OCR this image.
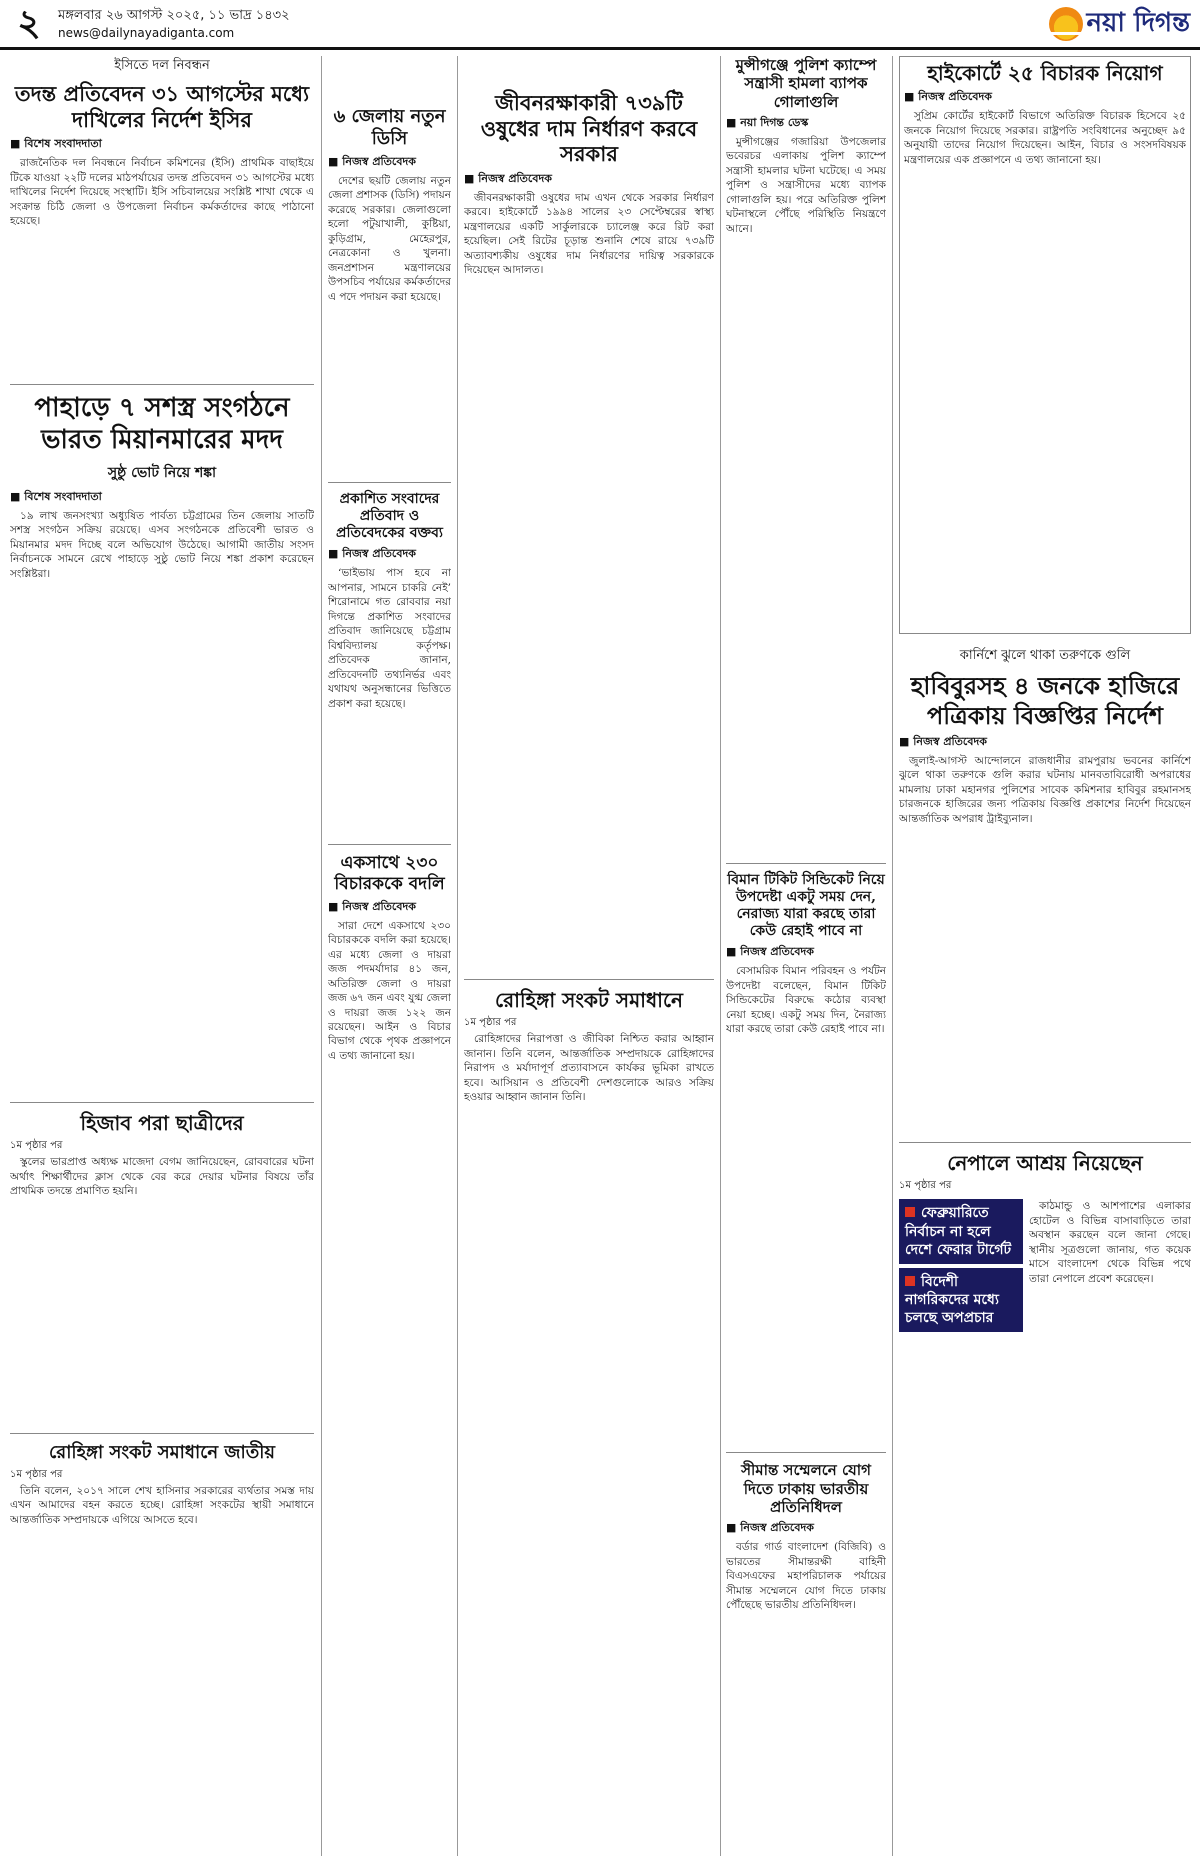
২	মঙ্গলবার ২৬ আগস্ট ২০২৫, ১১ ভাদ্র ১৪৩২
news@dailynayadiganta.com	নয়া দিগন্ত
ইসিতে দল নিবন্ধন
তদন্ত প্রতিবেদন ৩১ আগস্টের মধ্যে দাখিলের নির্দেশ ইসির
■ বিশেষ সংবাদদাতা

রাজনৈতিক দল নিবন্ধনে নির্বাচন কমিশনের (ইসি) প্রাথমিক বাছাইয়ে টিকে যাওয়া ২২টি দলের মাঠপর্যায়ের তদন্ত প্রতিবেদন ৩১ আগস্টের মধ্যে দাখিলের নির্দেশ দিয়েছে সংস্থাটি। ইসি সচিবালয়ের সংশ্লিষ্ট শাখা থেকে এ সংক্রান্ত চিঠি জেলা ও উপজেলা নির্বাচন কর্মকর্তাদের কাছে পাঠানো হয়েছে।

পাহাড়ে ৭ সশস্ত্র সংগঠনে ভারত মিয়ানমারের মদদ
সুষ্ঠু ভোট নিয়ে শঙ্কা
■ বিশেষ সংবাদদাতা

১৯ লাখ জনসংখ্যা অধ্যুষিত পার্বত্য চট্টগ্রামের তিন জেলায় সাতটি সশস্ত্র সংগঠন সক্রিয় রয়েছে। এসব সংগঠনকে প্রতিবেশী ভারত ও মিয়ানমার মদদ দিচ্ছে বলে অভিযোগ উঠেছে। আগামী জাতীয় সংসদ নির্বাচনকে সামনে রেখে পাহাড়ে সুষ্ঠু ভোট নিয়ে শঙ্কা প্রকাশ করেছেন সংশ্লিষ্টরা।

হিজাব পরা ছাত্রীদের
১ম পৃষ্ঠার পর

স্কুলের ভারপ্রাপ্ত অধ্যক্ষ মাজেদা বেগম জানিয়েছেন, রোববারের ঘটনা অর্থাৎ শিক্ষার্থীদের ক্লাস থেকে বের করে দেয়ার ঘটনার বিষয়ে তাঁর প্রাথমিক তদন্তে প্রমাণিত হয়নি।

রোহিঙ্গা সংকট সমাধানে জাতীয়
১ম পৃষ্ঠার পর

তিনি বলেন, ২০১৭ সালে শেখ হাসিনার সরকারের ব্যর্থতার সমস্ত দায় এখন আমাদের বহন করতে হচ্ছে। রোহিঙ্গা সংকটের স্থায়ী সমাধানে আন্তর্জাতিক সম্প্রদায়কে এগিয়ে আসতে হবে।

৬ জেলায় নতুন ডিসি
■ নিজস্ব প্রতিবেদক

দেশের ছয়টি জেলায় নতুন জেলা প্রশাসক (ডিসি) পদায়ন করেছে সরকার। জেলাগুলো হলো পটুয়াখালী, কুষ্টিয়া, কুড়িগ্রাম, মেহেরপুর, নেত্রকোনা ও খুলনা। জনপ্রশাসন মন্ত্রণালয়ের উপসচিব পর্যায়ের কর্মকর্তাদের এ পদে পদায়ন করা হয়েছে।

প্রকাশিত সংবাদের প্রতিবাদ ও প্রতিবেদকের বক্তব্য
■ নিজস্ব প্রতিবেদক

‘ভাইভায় পাস হবে না আপনার, সামনে চাকরি নেই’ শিরোনামে গত রোববার নয়া দিগন্তে প্রকাশিত সংবাদের প্রতিবাদ জানিয়েছে চট্টগ্রাম বিশ্ববিদ্যালয় কর্তৃপক্ষ। প্রতিবেদক জানান, প্রতিবেদনটি তথ্যনির্ভর এবং যথাযথ অনুসন্ধানের ভিত্তিতে প্রকাশ করা হয়েছে।

একসাথে ২৩০ বিচারককে বদলি
■ নিজস্ব প্রতিবেদক

সারা দেশে একসাথে ২৩০ বিচারককে বদলি করা হয়েছে। এর মধ্যে জেলা ও দায়রা জজ পদমর্যাদার ৪১ জন, অতিরিক্ত জেলা ও দায়রা জজ ৬৭ জন এবং যুগ্ম জেলা ও দায়রা জজ ১২২ জন রয়েছেন। আইন ও বিচার বিভাগ থেকে পৃথক প্রজ্ঞাপনে এ তথ্য জানানো হয়।

জীবনরক্ষাকারী ৭৩৯টি ওষুধের দাম নির্ধারণ করবে সরকার
■ নিজস্ব প্রতিবেদক

জীবনরক্ষাকারী ওষুধের দাম এখন থেকে সরকার নির্ধারণ করবে। হাইকোর্টে ১৯৯৪ সালের ২৩ সেপ্টেম্বরের স্বাস্থ্য মন্ত্রণালয়ের একটি সার্কুলারকে চ্যালেঞ্জ করে রিট করা হয়েছিল। সেই রিটের চূড়ান্ত শুনানি শেষে রায়ে ৭৩৯টি অত্যাবশ্যকীয় ওষুধের দাম নির্ধারণের দায়িত্ব সরকারকে দিয়েছেন আদালত।

রোহিঙ্গা সংকট সমাধানে
১ম পৃষ্ঠার পর

রোহিঙ্গাদের নিরাপত্তা ও জীবিকা নিশ্চিত করার আহ্বান জানান। তিনি বলেন, আন্তর্জাতিক সম্প্রদায়কে রোহিঙ্গাদের নিরাপদ ও মর্যাদাপূর্ণ প্রত্যাবাসনে কার্যকর ভূমিকা রাখতে হবে। আসিয়ান ও প্রতিবেশী দেশগুলোকে আরও সক্রিয় হওয়ার আহ্বান জানান তিনি।

মুন্সীগঞ্জে পুলিশ ক্যাম্পে সন্ত্রাসী হামলা ব্যাপক গোলাগুলি
■ নয়া দিগন্ত ডেস্ক

মুন্সীগঞ্জের গজারিয়া উপজেলার ভবেরচর এলাকায় পুলিশ ক্যাম্পে সন্ত্রাসী হামলার ঘটনা ঘটেছে। এ সময় পুলিশ ও সন্ত্রাসীদের মধ্যে ব্যাপক গোলাগুলি হয়। পরে অতিরিক্ত পুলিশ ঘটনাস্থলে পৌঁছে পরিস্থিতি নিয়ন্ত্রণে আনে।

বিমান টিকিট সিন্ডিকেট নিয়ে উপদেষ্টা একটু সময় দেন, নেরাজ্য যারা করছে তারা কেউ রেহাই পাবে না
■ নিজস্ব প্রতিবেদক

বেসামরিক বিমান পরিবহন ও পর্যটন উপদেষ্টা বলেছেন, বিমান টিকিট সিন্ডিকেটের বিরুদ্ধে কঠোর ব্যবস্থা নেয়া হচ্ছে। একটু সময় দিন, নৈরাজ্য যারা করছে তারা কেউ রেহাই পাবে না।

সীমান্ত সম্মেলনে যোগ দিতে ঢাকায় ভারতীয় প্রতিনিধিদল
■ নিজস্ব প্রতিবেদক

বর্ডার গার্ড বাংলাদেশ (বিজিবি) ও ভারতের সীমান্তরক্ষী বাহিনী বিএসএফের মহাপরিচালক পর্যায়ের সীমান্ত সম্মেলনে যোগ দিতে ঢাকায় পৌঁছেছে ভারতীয় প্রতিনিধিদল।

হাইকোর্টে ২৫ বিচারক নিয়োগ
■ নিজস্ব প্রতিবেদক

সুপ্রিম কোর্টের হাইকোর্ট বিভাগে অতিরিক্ত বিচারক হিসেবে ২৫ জনকে নিয়োগ দিয়েছে সরকার। রাষ্ট্রপতি সংবিধানের অনুচ্ছেদ ৯৫ অনুযায়ী তাদের নিয়োগ দিয়েছেন। আইন, বিচার ও সংসদবিষয়ক মন্ত্রণালয়ের এক প্রজ্ঞাপনে এ তথ্য জানানো হয়।

কার্নিশে ঝুলে থাকা তরুণকে গুলি
হাবিবুরসহ ৪ জনকে হাজিরে পত্রিকায় বিজ্ঞপ্তির নির্দেশ
■ নিজস্ব প্রতিবেদক

জুলাই-আগস্ট আন্দোলনে রাজধানীর রামপুরায় ভবনের কার্নিশে ঝুলে থাকা তরুণকে গুলি করার ঘটনায় মানবতাবিরোধী অপরাধের মামলায় ঢাকা মহানগর পুলিশের সাবেক কমিশনার হাবিবুর রহমানসহ চারজনকে হাজিরের জন্য পত্রিকায় বিজ্ঞপ্তি প্রকাশের নির্দেশ দিয়েছেন আন্তর্জাতিক অপরাধ ট্রাইব্যুনাল।

নেপালে আশ্রয় নিয়েছেন
১ম পৃষ্ঠার পর
ফেব্রুয়ারিতে নির্বাচন না হলে দেশে ফেরার টার্গেট
বিদেশী নাগরিকদের মধ্যে চলছে অপপ্রচার

কাঠমান্ডু ও আশপাশের এলাকার হোটেল ও বিভিন্ন বাসাবাড়িতে তারা অবস্থান করছেন বলে জানা গেছে। স্থানীয় সূত্রগুলো জানায়, গত কয়েক মাসে বাংলাদেশ থেকে বিভিন্ন পথে তারা নেপালে প্রবেশ করেছেন।
